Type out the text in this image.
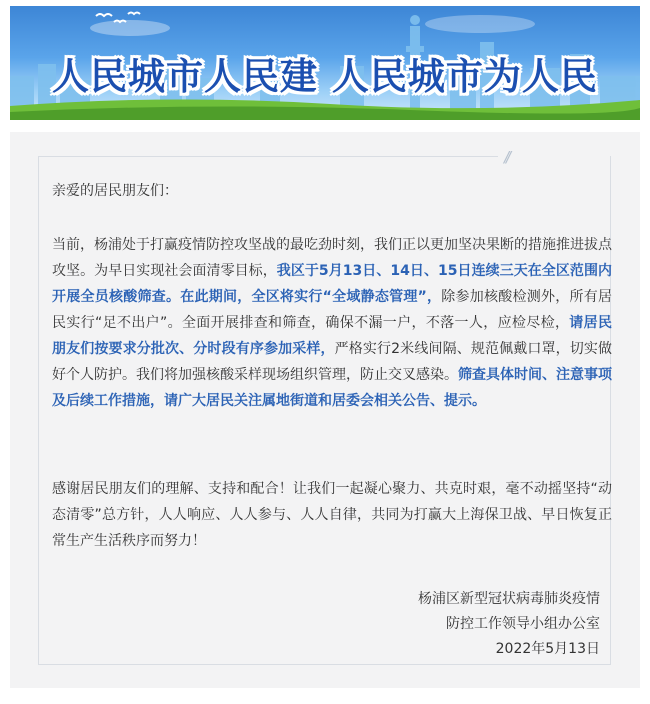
人民城市人民建 人民城市为人民
//
亲爱的居民朋友们：
当前，杨浦处于打赢疫情防控攻坚战的最吃劲时刻，我们正以更加坚决果断的措施推进拔点攻坚。为早日实现社会面清零目标，我区于5月13日、14日、15日连续三天在全区范围内开展全员核酸筛查。在此期间，全区将实行“全域静态管理”，除参加核酸检测外，所有居民实行“足不出户”。全面开展排查和筛查，确保不漏一户，不落一人，应检尽检，请居民朋友们按要求分批次、分时段有序参加采样，严格实行2米线间隔、规范佩戴口罩，切实做好个人防护。我们将加强核酸采样现场组织管理，防止交叉感染。筛查具体时间、注意事项及后续工作措施，请广大居民关注属地街道和居委会相关公告、提示。
感谢居民朋友们的理解、支持和配合！让我们一起凝心聚力、共克时艰，毫不动摇坚持“动态清零”总方针，人人响应、人人参与、人人自律，共同为打赢大上海保卫战、早日恢复正常生产生活秩序而努力！
杨浦区新型冠状病毒肺炎疫情
防控工作领导小组办公室
2022年5月13日
